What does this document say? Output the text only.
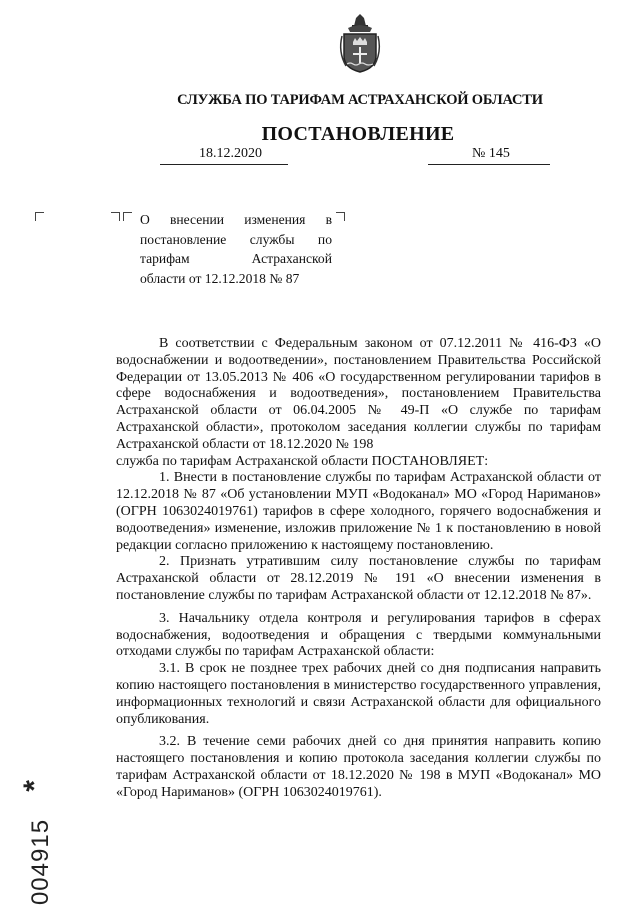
СЛУЖБА ПО ТАРИФАМ АСТРАХАНСКОЙ ОБЛАСТИ
ПОСТАНОВЛЕНИЕ
18.12.2020	№ 145
О внесении изменения в
постановление службы по
тарифам Астраханской
области от 12.12.2018 № 87

В соответствии с Федеральным законом от 07.12.2011 № 416-ФЗ «О водоснабжении и водоотведении», постановлением Правительства Российской Федерации от 13.05.2013 № 406 «О государственном регулировании тарифов в сфере водоснабжения и водоотведения», постановлением Правительства Астраханской области от 06.04.2005 № 49-П «О службе по тарифам Астраханской области», протоколом заседания коллегии службы по тарифам Астраханской области от 18.12.2020 № 198

служба по тарифам Астраханской области ПОСТАНОВЛЯЕТ:

1. Внести в постановление службы по тарифам Астраханской области от 12.12.2018 № 87 «Об установлении МУП «Водоканал» МО «Город Нариманов» (ОГРН 1063024019761) тарифов в сфере холодного, горячего водоснабжения и водоотведения» изменение, изложив приложение № 1 к постановлению в новой редакции согласно приложению к настоящему постановлению.

2. Признать утратившим силу постановление службы по тарифам Астраханской области от 28.12.2019 № 191 «О внесении изменения в постановление службы по тарифам Астраханской области от 12.12.2018 № 87».

3. Начальнику отдела контроля и регулирования тарифов в сферах водоснабжения, водоотведения и обращения с твердыми коммунальными отходами службы по тарифам Астраханской области:

3.1. В срок не позднее трех рабочих дней со дня подписания направить копию настоящего постановления в министерство государственного управления, информационных технологий и связи Астраханской области для официального опубликования.

3.2. В течение семи рабочих дней со дня принятия направить копию настоящего постановления и копию протокола заседания коллегии службы по тарифам Астраханской области от 18.12.2020 № 198 в МУП «Водоканал» МО «Город Нариманов» (ОГРН 1063024019761).

*
004915
